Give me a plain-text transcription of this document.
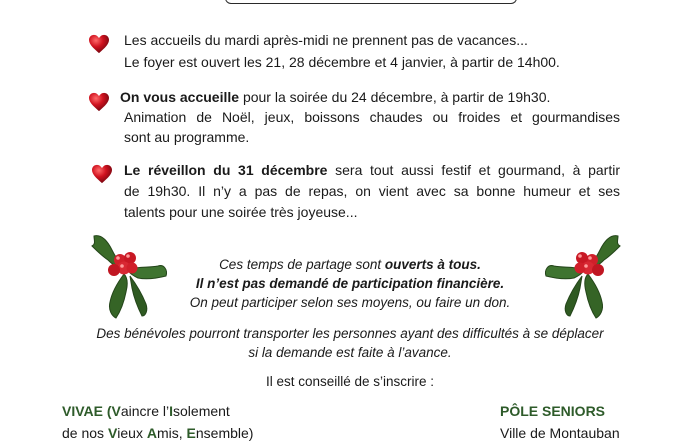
Les accueils du mardi après-midi ne prennent pas de vacances...
Le foyer est ouvert les 21, 28 décembre et 4 janvier, à partir de 14h00.
On vous accueille pour la soirée du 24 décembre, à partir de 19h30.
Animation de Noël, jeux, boissons chaudes ou froides et gourmandises
sont au programme.
Le réveillon du 31 décembre sera tout aussi festif et gourmand, à partir
de 19h30. Il n’y a pas de repas, on vient avec sa bonne humeur et ses
talents pour une soirée très joyeuse...
Ces temps de partage sont ouverts à tous.
Il n’est pas demandé de participation financière.
On peut participer selon ses moyens, ou faire un don.
Des bénévoles pourront transporter les personnes ayant des difficultés à se déplacer
si la demande est faite à l’avance.
Il est conseillé de s’inscrire :
VIVAE (Vaincre l’Isolement
de nos Vieux Amis, Ensemble)
PÔLE SENIORS
Ville de Montauban
